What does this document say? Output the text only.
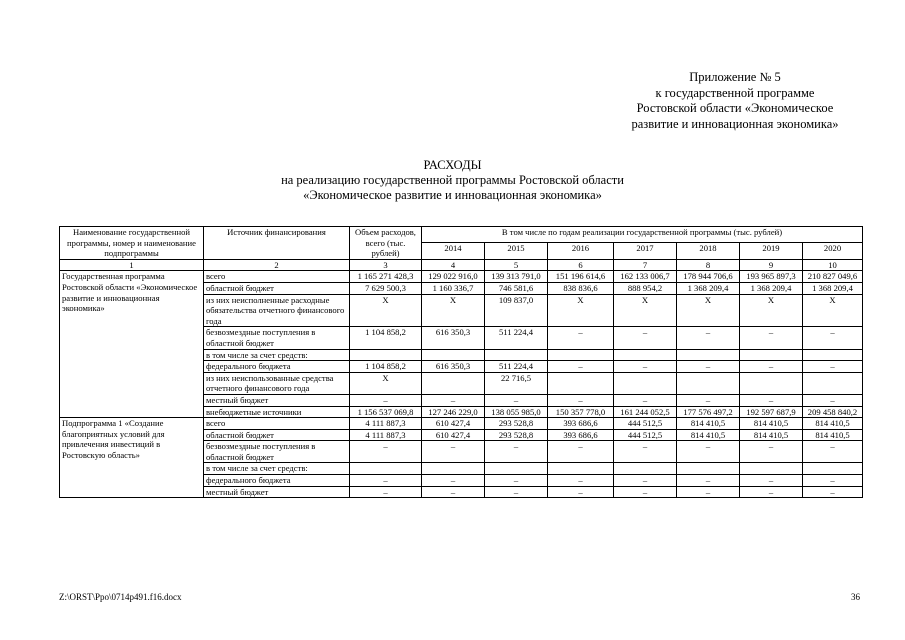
Приложение № 5
к государственной программе
Ростовской области «Экономическое
развитие и инновационная экономика»
РАСХОДЫ
на реализацию государственной программы Ростовской области
«Экономическое развитие и инновационная экономика»
Наименование государственной программы, номер и наименование подпрограммы	Источник финансирования	Объем расходов, всего (тыс. рублей)	В том числе по годам реализации государственной программы (тыс. рублей)						
			2014	2015	2016	2017	2018	2019	2020
1	2	3	4	5	6	7	8	9	10
Государственная программа Ростовской области «Экономическое развитие и инновационная экономика»	всего	1 165 271 428,3	129 022 916,0	139 313 791,0	151 196 614,6	162 133 006,7	178 944 706,6	193 965 897,3	210 827 049,6
	областной бюджет	7 629 500,3	1 160 336,7	746 581,6	838 836,6	888 954,2	1 368 209,4	1 368 209,4	1 368 209,4
	из них неисполненные расходные обязательства отчетного финансового года	X	X	109 837,0	X	X	X	X	X
	безвозмездные поступления в областной бюджет	1 104 858,2	616 350,3	511 224,4	–	–	–	–	–
	в том числе за счет средств:								
	федерального бюджета	1 104 858,2	616 350,3	511 224,4	–	–	–	–	–
	из них неиспользованные средства отчетного финансового года	X		22 716,5					
	местный бюджет	–	–	–	–	–	–	–	–
	внебюджетные источники	1 156 537 069,8	127 246 229,0	138 055 985,0	150 357 778,0	161 244 052,5	177 576 497,2	192 597 687,9	209 458 840,2
Подпрограмма 1 «Создание благоприятных условий для привлечения инвестиций в Ростовскую область»	всего	4 111 887,3	610 427,4	293 528,8	393 686,6	444 512,5	814 410,5	814 410,5	814 410,5
	областной бюджет	4 111 887,3	610 427,4	293 528,8	393 686,6	444 512,5	814 410,5	814 410,5	814 410,5
	безвозмездные поступления в областной бюджет	–	–	–	–	–	–	–	–
	в том числе за счет средств:								
	федерального бюджета	–	–	–	–	–	–	–	–
	местный бюджет	–	–	–	–	–	–	–	–
Z:\ORST\Ppo\0714p491.f16.docx	36
